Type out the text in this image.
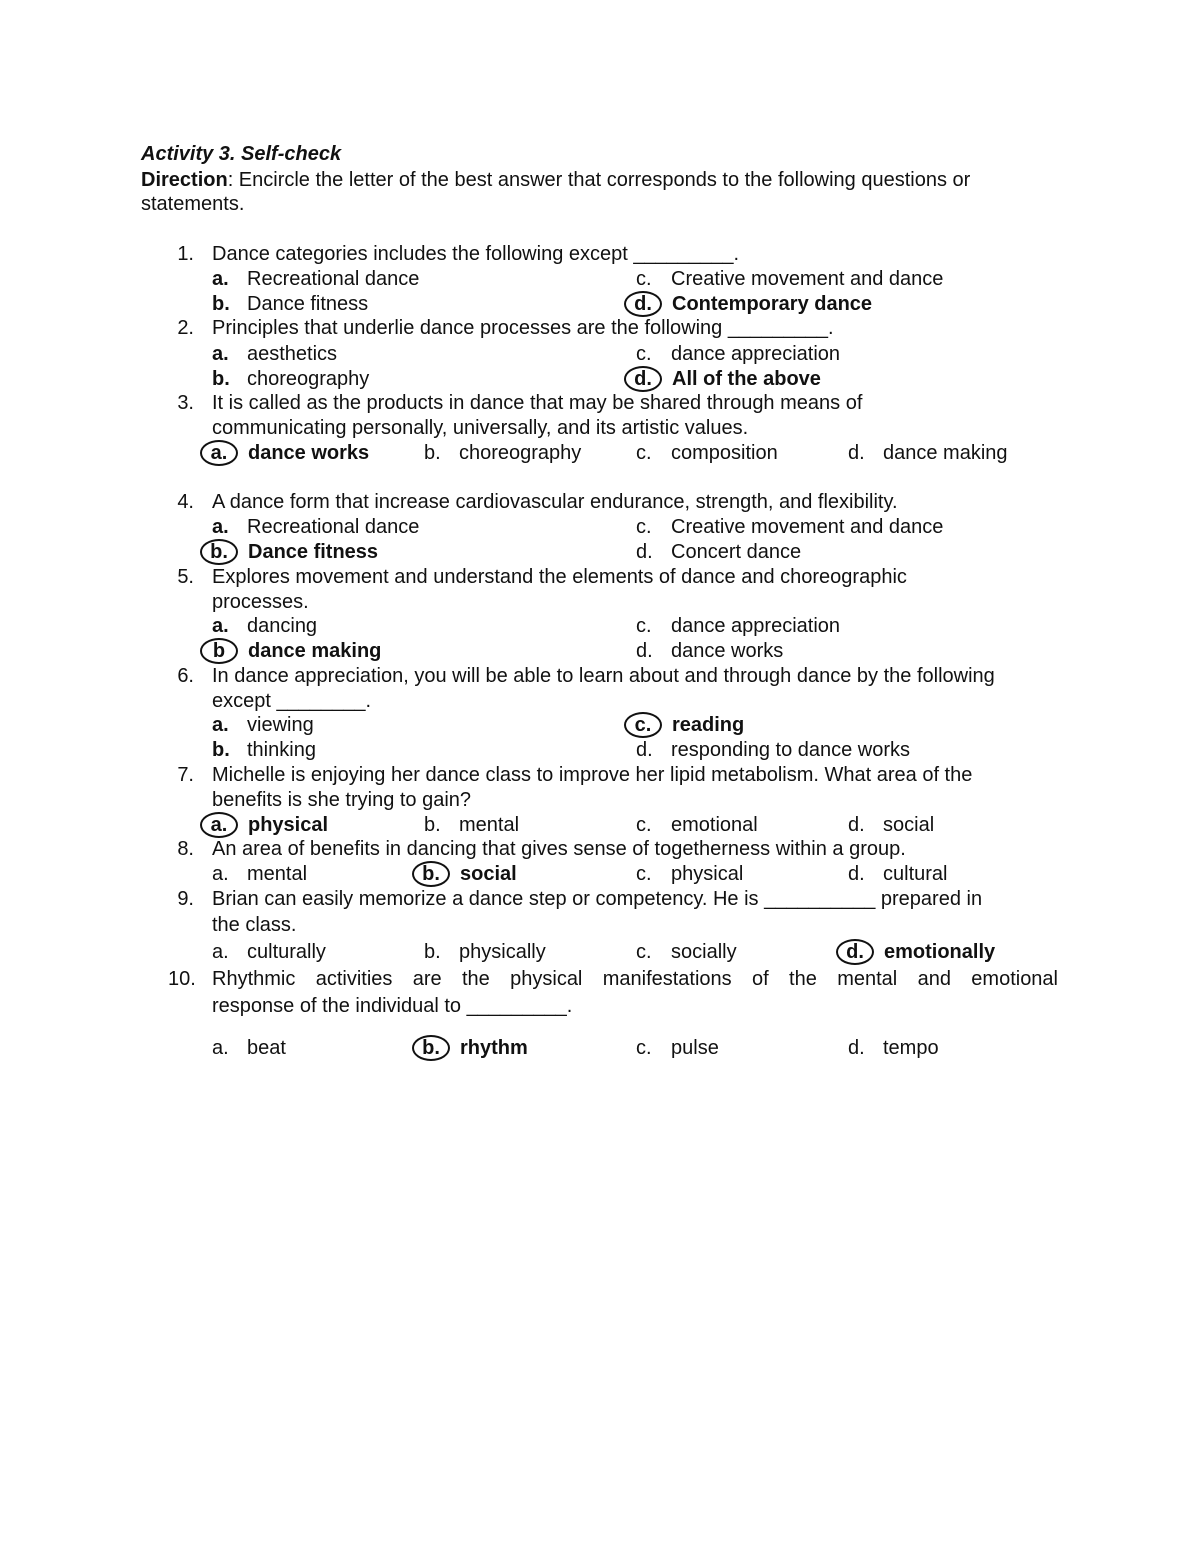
Activity 3. Self-check
Direction: Encircle the letter of the best answer that corresponds to the following questions or
statements.
1. Dance categories includes the following except _________.
a. Recreational dance	c. Creative movement and dance
b. Dance fitness	d.	Contemporary dance
2. Principles that underlie dance processes are the following _________.
a. aesthetics	c. dance appreciation
b. choreography	d.	All of the above
3. It is called as the products in dance that may be shared through means of
communicating personally, universally, and its artistic values.
a.	dance works	b. choreography	c. composition	d. dance making
4. A dance form that increase cardiovascular endurance, strength, and flexibility.
a. Recreational dance	c. Creative movement and dance
b.	Dance fitness	d. Concert dance
5. Explores movement and understand the elements of dance and choreographic
processes.
a. dancing	c. dance appreciation
b	dance making	d. dance works
6. In dance appreciation, you will be able to learn about and through dance by the following
except ________.
a. viewing	c.	reading
b. thinking	d. responding to dance works
7. Michelle is enjoying her dance class to improve her lipid metabolism. What area of the
benefits is she trying to gain?
a.	physical	b. mental	c. emotional	d. social
8. An area of benefits in dancing that gives sense of togetherness within a group.
a. mental	b.	social	c. physical	d. cultural
9. Brian can easily memorize a dance step or competency. He is __________ prepared in
the class.
a. culturally	b. physically	c. socially	d.	emotionally
10. Rhythmic activities are the physical manifestations of the mental and emotional
response of the individual to _________.
a. beat	b.	rhythm	c. pulse	d. tempo
